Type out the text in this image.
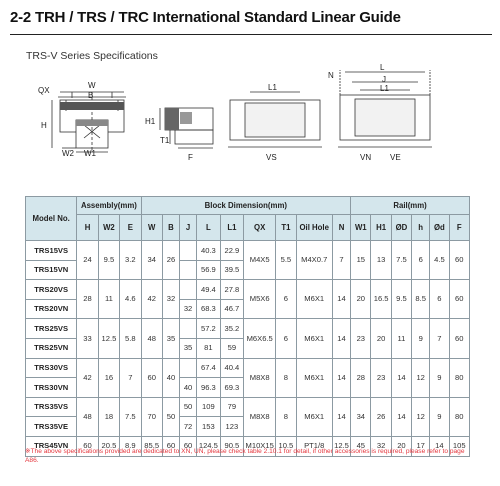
2-2 TRH / TRS / TRC International Standard Linear Guide
TRS-V Series Specifications
QX
W
B
H
W2 W1
H1
T1
F
L1
VS
N
L
J
L1
VN VE
Model No.	Assembly(mm)			Block Dimension(mm)									Rail(mm)					
	H	W2	E	W	B	J	L	L1	QX	T1	Oil Hole	N	W1	H1	ØD	h	Ød	F
TRS15VS	24	9.5	3.2	34	26		40.3	22.9	M4X5	5.5	M4X0.7	7	15	13	7.5	6	4.5	60
TRS15VN							56.9	39.5										
TRS20VS	28	11	4.6	42	32		49.4	27.8	M5X6	6	M6X1	14	20	16.5	9.5	8.5	6	60
TRS20VN						32	68.3	46.7										
TRS25VS	33	12.5	5.8	48	35		57.2	35.2	M6X6.5	6	M6X1	14	23	20	11	9	7	60
TRS25VN						35	81	59										
TRS30VS	42	16	7	60	40		67.4	40.4	M8X8	8	M6X1	14	28	23	14	12	9	80
TRS30VN						40	96.3	69.3										
TRS35VS	48	18	7.5	70	50	50	109	79	M8X8	8	M6X1	14	34	26	14	12	9	80
TRS35VE						72	153	123										
TRS45VN	60	20.5	8.9	85.5	60	60	124.5	90.5	M10X15	10.5	PT1/8	12.5	45	32	20	17	14	105
※The above specifications provided are dedicated to XN, UN, please check table 2.10.1 for detail, if other accessories is required, please refer to page A86.
